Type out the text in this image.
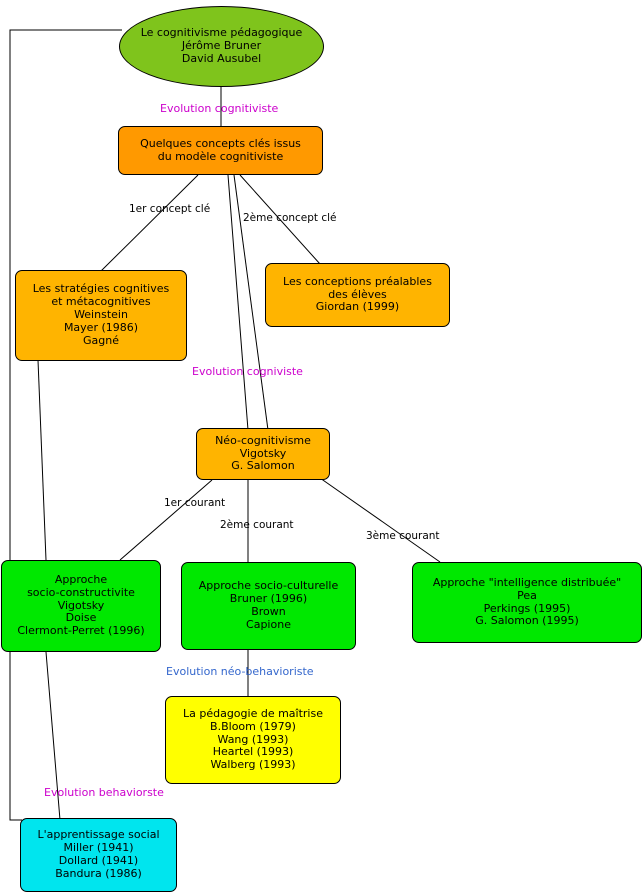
Le cognitivisme pédagogique
Jérôme Bruner
David Ausubel
Evolution cognitiviste
Quelques concepts clés issus
du modèle cognitiviste
1er concept clé
2ème concept clé
Les stratégies cognitives
et métacognitives
Weinstein
Mayer (1986)
Gagné
Les conceptions préalables
des élèves
Giordan (1999)
Evolution cogniviste
Néo-cognitivisme
Vigotsky
G. Salomon
1er courant
2ème courant
3ème courant
Approche
socio-constructivite
Vigotsky
Doise
Clermont-Perret (1996)
Approche socio-culturelle
Bruner (1996)
Brown
Capione
Approche "intelligence distribuée"
Pea
Perkings (1995)
G. Salomon (1995)
Evolution néo-behavioriste
La pédagogie de maîtrise
B.Bloom (1979)
Wang (1993)
Heartel (1993)
Walberg (1993)
Evolution behaviorste
L'apprentissage social
Miller (1941)
Dollard (1941)
Bandura (1986)
